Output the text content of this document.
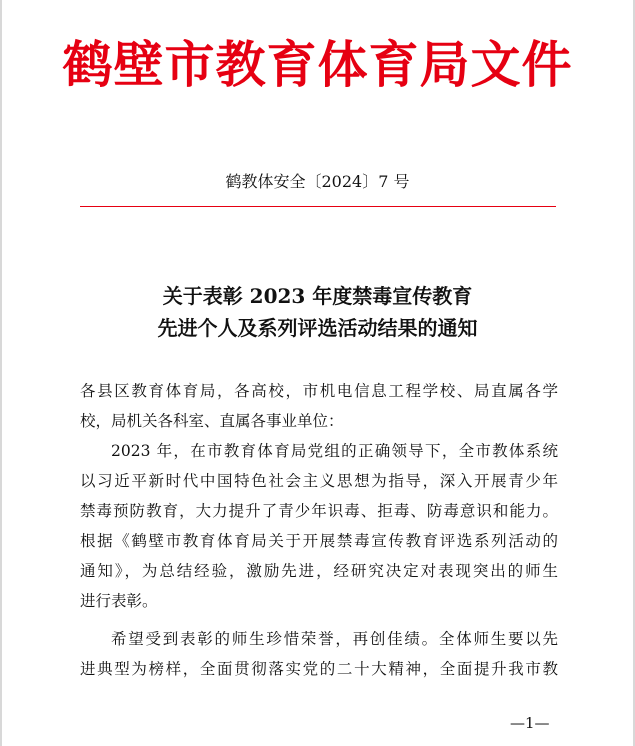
鹤壁市教育体育局文件
鹤教体安全〔2024〕7 号
关于表彰 2023 年度禁毒宣传教育
先进个人及系列评选活动结果的通知
各县区教育体育局，各高校，市机电信息工程学校、局直属各学
校，局机关各科室、直属各事业单位：
2023 年，在市教育体育局党组的正确领导下，全市教体系统
以习近平新时代中国特色社会主义思想为指导，深入开展青少年
禁毒预防教育，大力提升了青少年识毒、拒毒、防毒意识和能力。
根据《鹤壁市教育体育局关于开展禁毒宣传教育评选系列活动的
通知》，为总结经验，激励先进，经研究决定对表现突出的师生
进行表彰。
希望受到表彰的师生珍惜荣誉，再创佳绩。全体师生要以先
进典型为榜样，全面贯彻落实党的二十大精神，全面提升我市教
—1—
